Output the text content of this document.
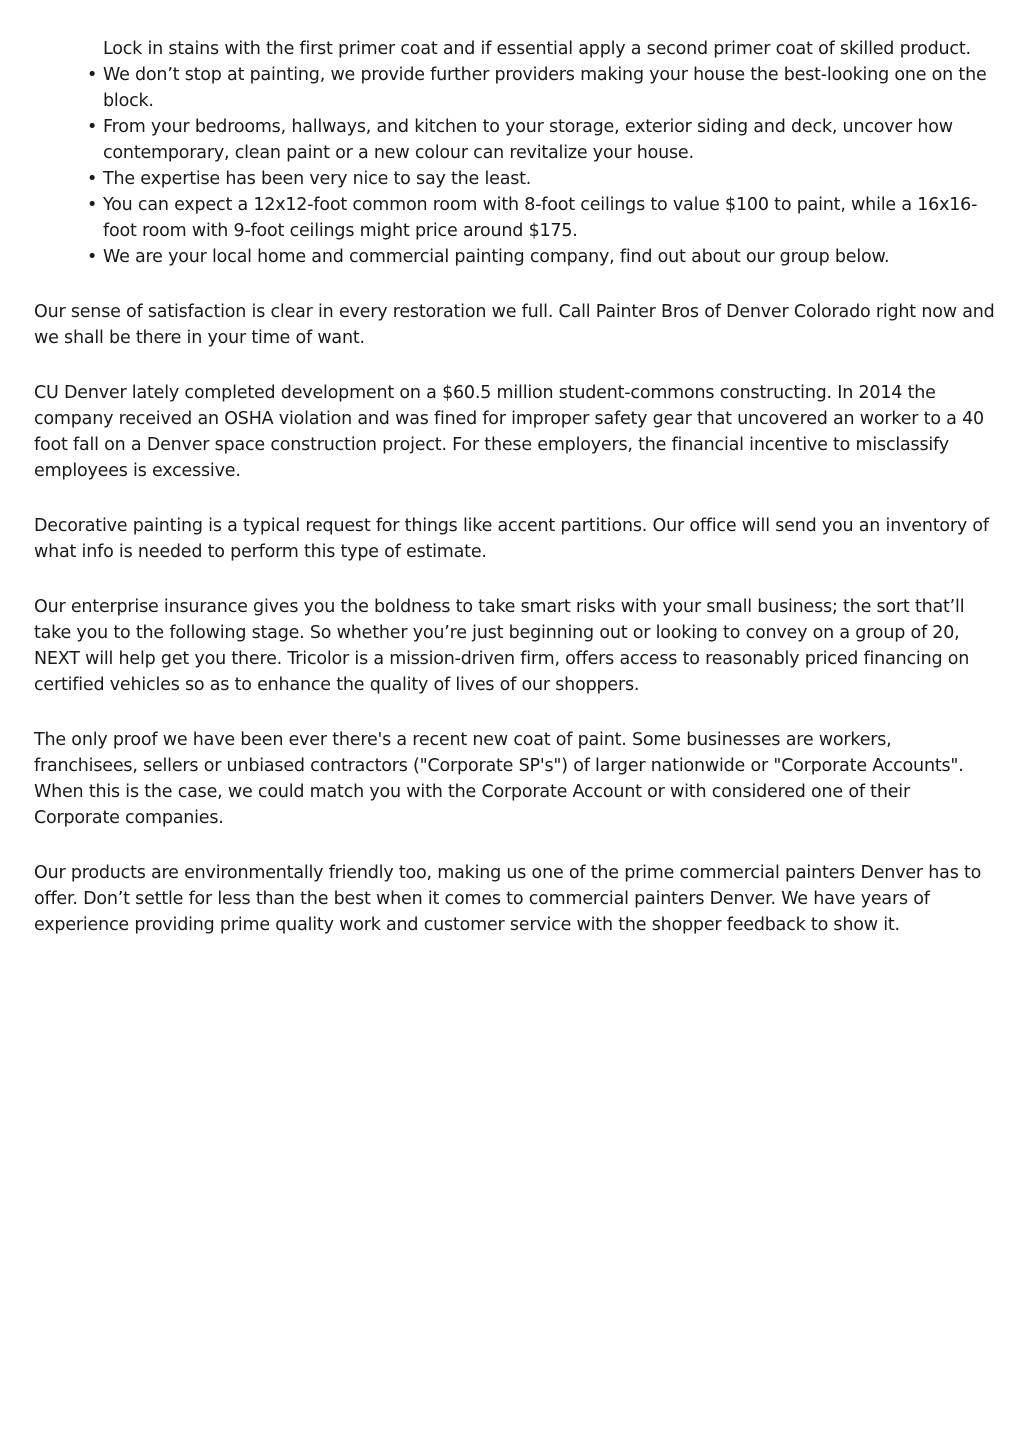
Lock in stains with the first primer coat and if essential apply a second primer coat of skilled product.

• We don’t stop at painting, we provide further providers making your house the best-looking one on the block.
• From your bedrooms, hallways, and kitchen to your storage, exterior siding and deck, uncover how contemporary, clean paint or a new colour can revitalize your house.
• The expertise has been very nice to say the least.
• You can expect a 12x12-foot common room with 8-foot ceilings to value $100 to paint, while a 16x16-foot room with 9-foot ceilings might price around $175.
• We are your local home and commercial painting company, find out about our group below.

Our sense of satisfaction is clear in every restoration we full. Call Painter Bros of Denver Colorado right now and we shall be there in your time of want.

CU Denver lately completed development on a $60.5 million student-commons constructing. In 2014 the company received an OSHA violation and was fined for improper safety gear that uncovered an worker to a 40 foot fall on a Denver space construction project. For these employers, the financial incentive to misclassify employees is excessive.

Decorative painting is a typical request for things like accent partitions. Our office will send you an inventory of what info is needed to perform this type of estimate.

Our enterprise insurance gives you the boldness to take smart risks with your small business; the sort that’ll take you to the following stage. So whether you’re just beginning out or looking to convey on a group of 20, NEXT will help get you there. Tricolor is a mission-driven firm, offers access to reasonably priced financing on certified vehicles so as to enhance the quality of lives of our shoppers.

The only proof we have been ever there's a recent new coat of paint. Some businesses are workers, franchisees, sellers or unbiased contractors ("Corporate SP's") of larger nationwide or "Corporate Accounts". When this is the case, we could match you with the Corporate Account or with considered one of their Corporate companies.

Our products are environmentally friendly too, making us one of the prime commercial painters Denver has to offer. Don’t settle for less than the best when it comes to commercial painters Denver. We have years of experience providing prime quality work and customer service with the shopper feedback to show it.
